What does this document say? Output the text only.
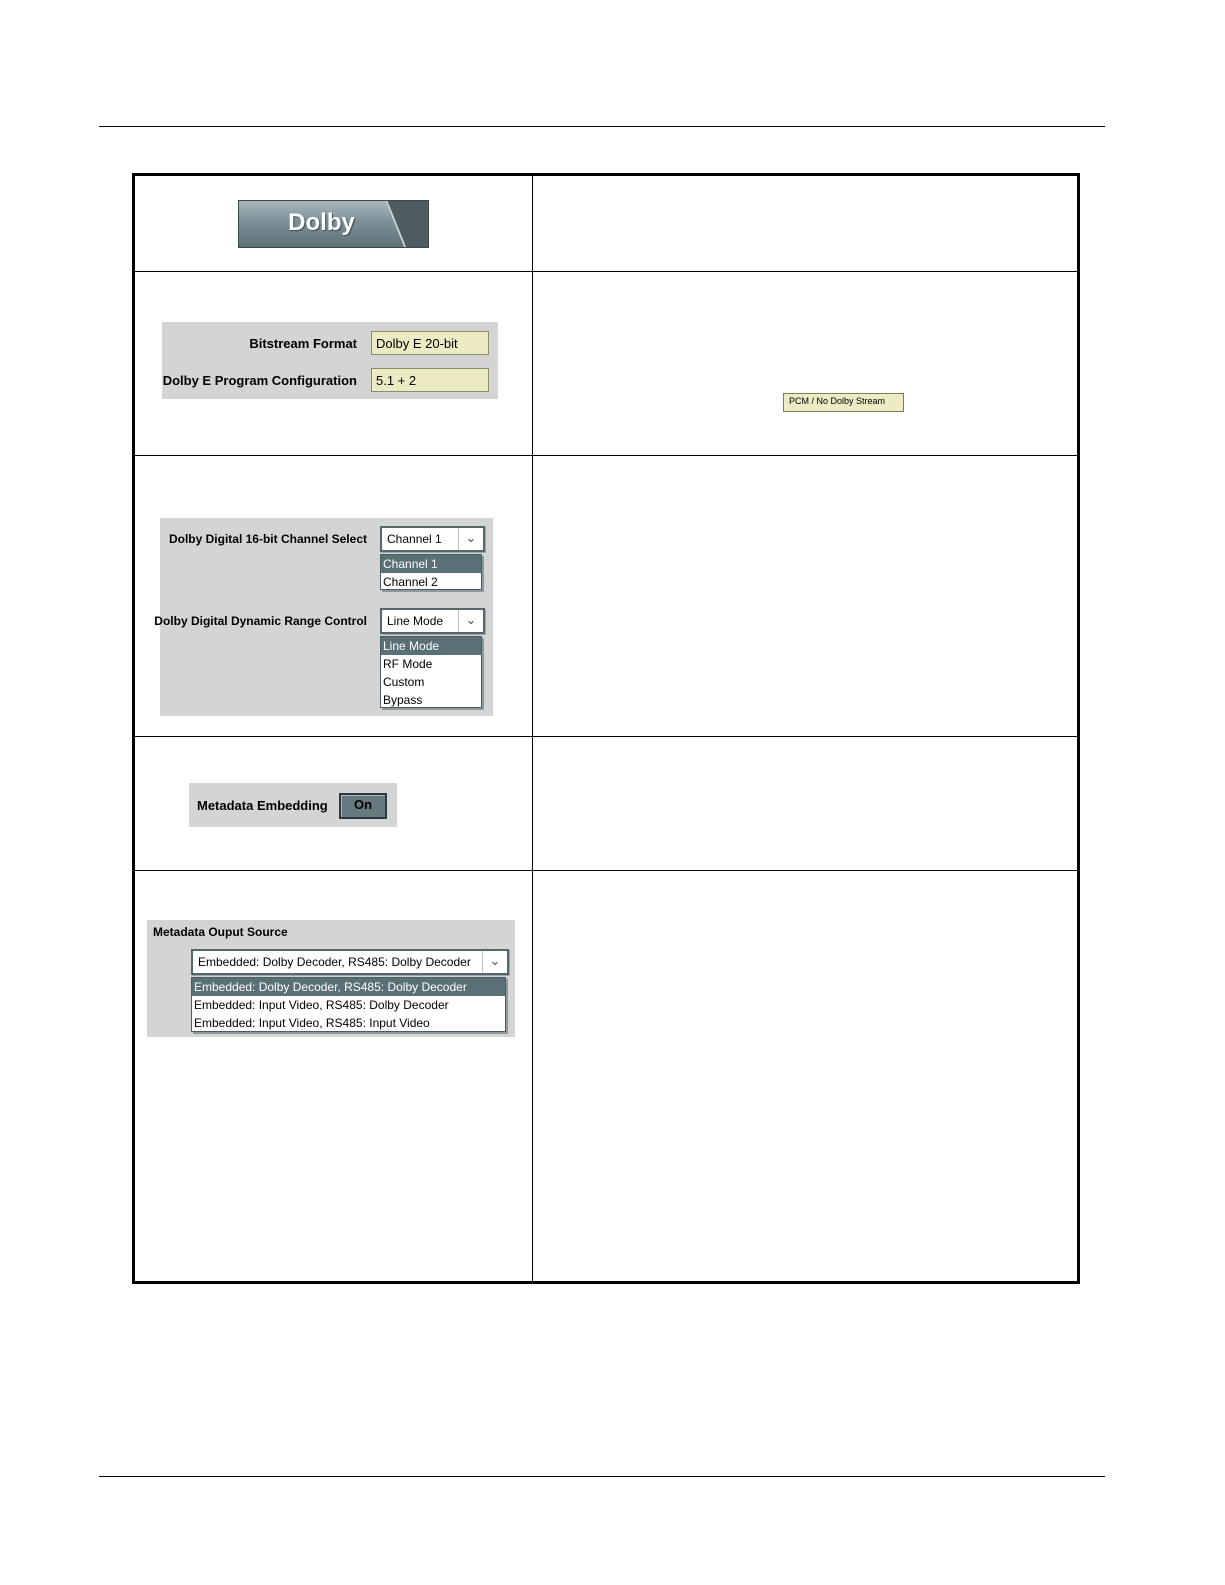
Dolby
Bitstream Format	Dolby E 20-bit
Dolby E Program Configuration	5.1 + 2
PCM / No Dolby Stream
Dolby Digital 16-bit Channel Select	Channel 1	⌄
Channel 1
Channel 2
Dolby Digital Dynamic Range Control	Line Mode	⌄
Line Mode
RF Mode
Custom
Bypass
Metadata Embedding	On
Metadata Ouput Source
Embedded: Dolby Decoder, RS485: Dolby Decoder	⌄
Embedded: Dolby Decoder, RS485: Dolby Decoder
Embedded: Input Video, RS485: Dolby Decoder
Embedded: Input Video, RS485: Input Video
